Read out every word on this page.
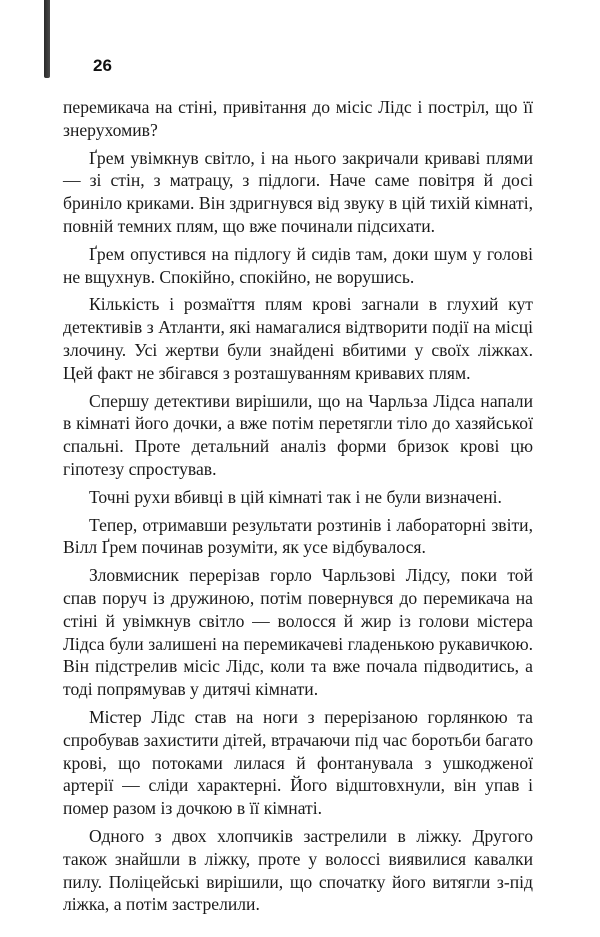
26

перемикача на стіні, привітання до місіс Лідс і постріл, що її знерухомив?

Ґрем увімкнув світло, і на нього закричали криваві плями — зі стін, з матрацу, з підлоги. Наче саме повітря й досі бриніло криками. Він здригнувся від звуку в цій тихій кімнаті, повній темних плям, що вже починали підсихати.

Ґрем опустився на підлогу й сидів там, доки шум у голові не вщухнув. Спокійно, спокійно, не ворушись.

Кількість і розмаїття плям крові загнали в глухий кут детективів з Атланти, які намагалися відтворити події на місці злочину. Усі жертви були знайдені вбитими у своїх ліжках. Цей факт не збігався з розташуванням кривавих плям.

Спершу детективи вирішили, що на Чарльза Лідса напали в кімнаті його дочки, а вже потім перетягли тіло до хазяйської спальні. Проте детальний аналіз форми бризок крові цю гіпотезу спростував.

Точні рухи вбивці в цій кімнаті так і не були визначені.

Тепер, отримавши результати розтинів і лабораторні звіти, Вілл Ґрем починав розуміти, як усе відбувалося.

Зловмисник перерізав горло Чарльзові Лідсу, поки той спав поруч із дружиною, потім повернувся до перемикача на стіні й увімкнув світло — волосся й жир із голови містера Лідса були залишені на перемикачеві гладенькою рукавичкою. Він підстрелив місіс Лідс, коли та вже почала підводитись, а тоді попрямував у дитячі кімнати.

Містер Лідс став на ноги з перерізаною горлянкою та спробував захистити дітей, втрачаючи під час боротьби багато крові, що потоками лилася й фонтанувала з ушкодженої артерії — сліди характерні. Його відштовхнули, він упав і помер разом із дочкою в її кімнаті.

Одного з двох хлопчиків застрелили в ліжку. Другого також знайшли в ліжку, проте у волоссі виявилися кавалки пилу. Поліцейські вирішили, що спочатку його витягли з-під ліжка, а потім застрелили.
